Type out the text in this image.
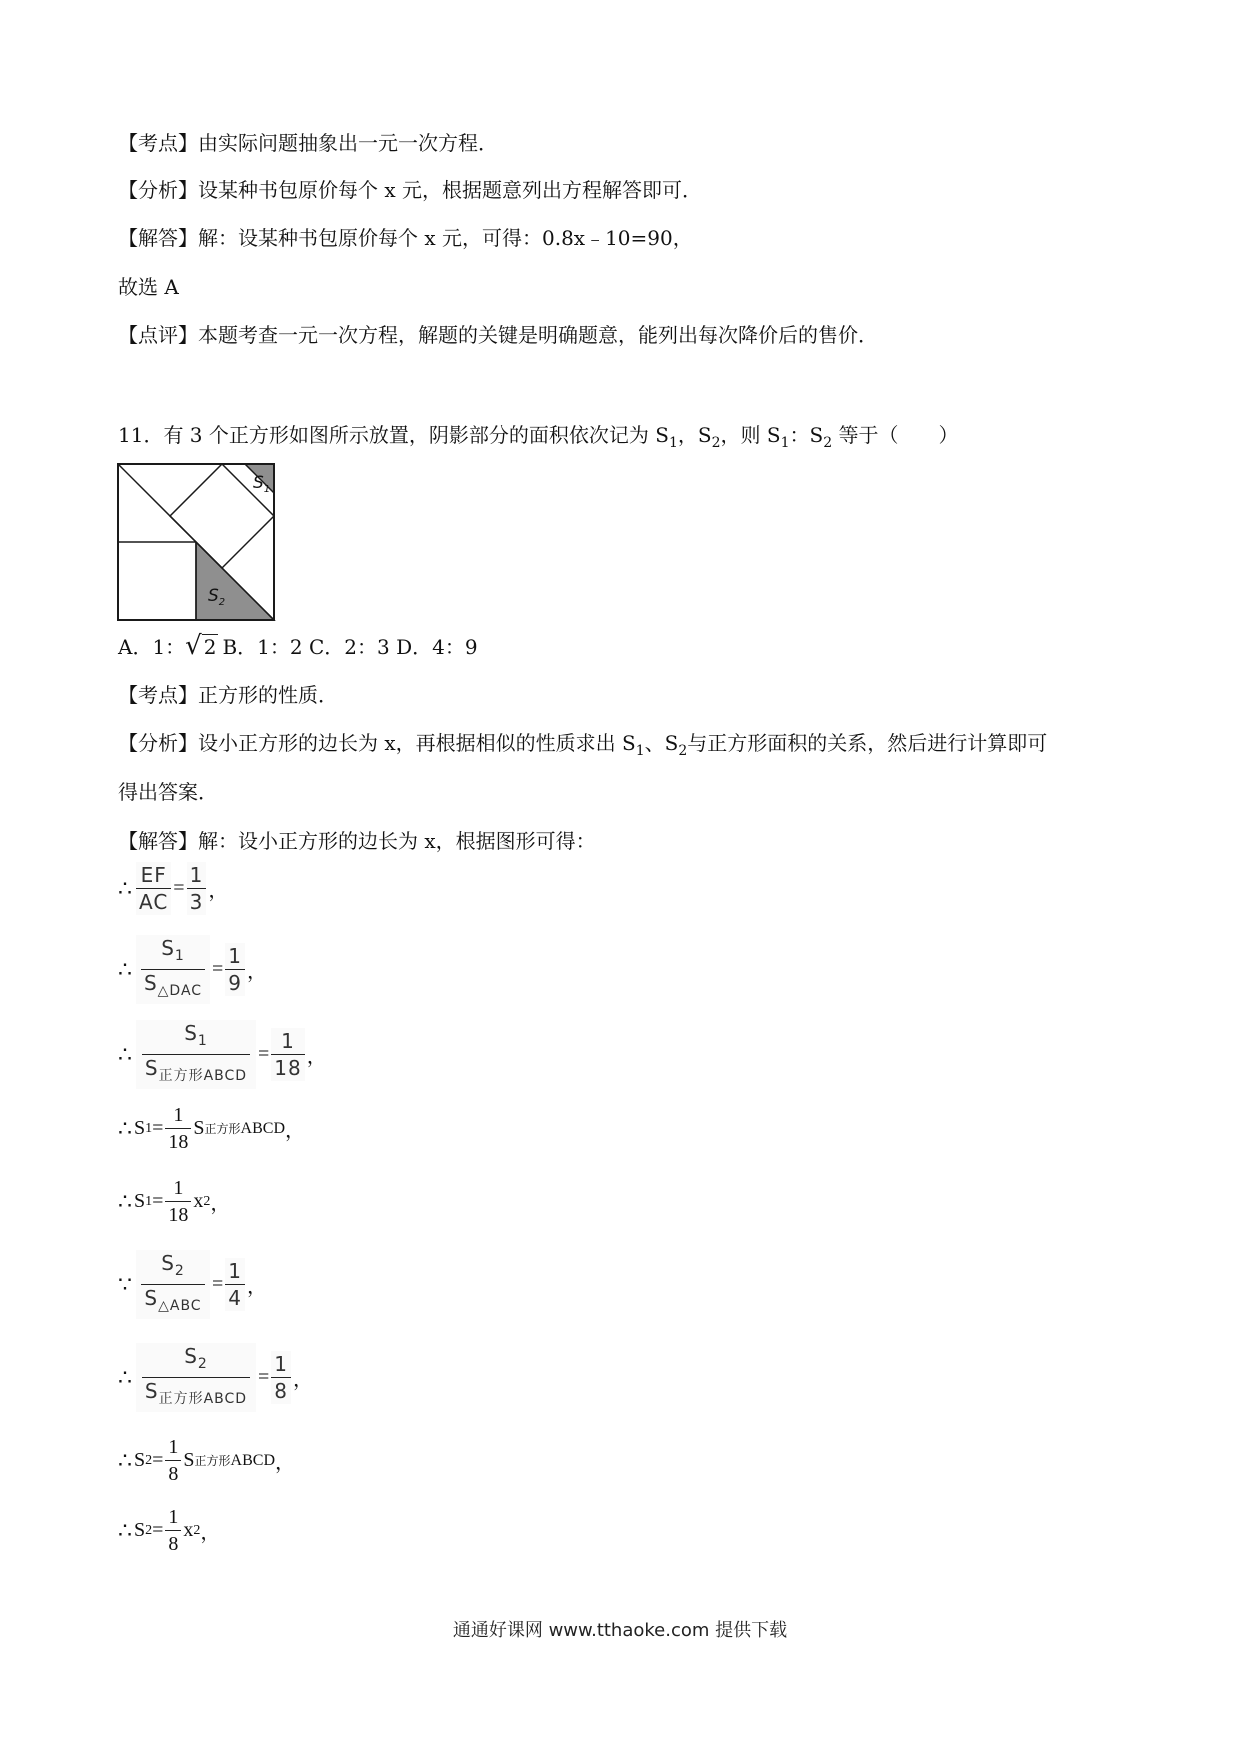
【考点】由实际问题抽象出一元一次方程．
【分析】设某种书包原价每个 x 元，根据题意列出方程解答即可．
【解答】解：设某种书包原价每个 x 元，可得：0.8x﹣10=90，
故选 A
【点评】本题考查一元一次方程，解题的关键是明确题意，能列出每次降价后的售价．
11．有 3 个正方形如图所示放置，阴影部分的面积依次记为 $S_1$，$S_2$，则 $S_1$：$S_2$ 等于（　　）
$S_1$
$S_2$
A．1：√ 2 B．1：2 C．2：3 D．4：9
【考点】正方形的性质．
【分析】设小正方形的边长为 x，再根据相似的性质求出 $S_1$、$S_2$与正方形面积的关系，然后进行计算即可
得出答案．
【解答】解：设小正方形的边长为 x，根据图形可得：
∴ $\frac{EF}{AC} = \frac{1}{3}$ ，
∴ $\frac{S_1}{S_{\triangle DAC}} = \frac{1}{9}$ ，
∴ $\frac{S_1}{S_{正方形ABCD}} = \frac{1}{18}$ ，
∴ S $1 = \frac{1}{18}$ S 正方形 ABCD ，
∴ S $1 = \frac{1}{18}$ x 2 ，
∵ $\frac{S_2}{S_{\triangle ABC}} = \frac{1}{4}$ ，
∴ $\frac{S_2}{S_{正方形ABCD}} = \frac{1}{8}$ ，
∴ S $2 = \frac{1}{8}$ S 正方形 ABCD ，
∴ S $2 = \frac{1}{8}$ x 2 ，
通通好课网 www.tthaoke.com 提供下载
